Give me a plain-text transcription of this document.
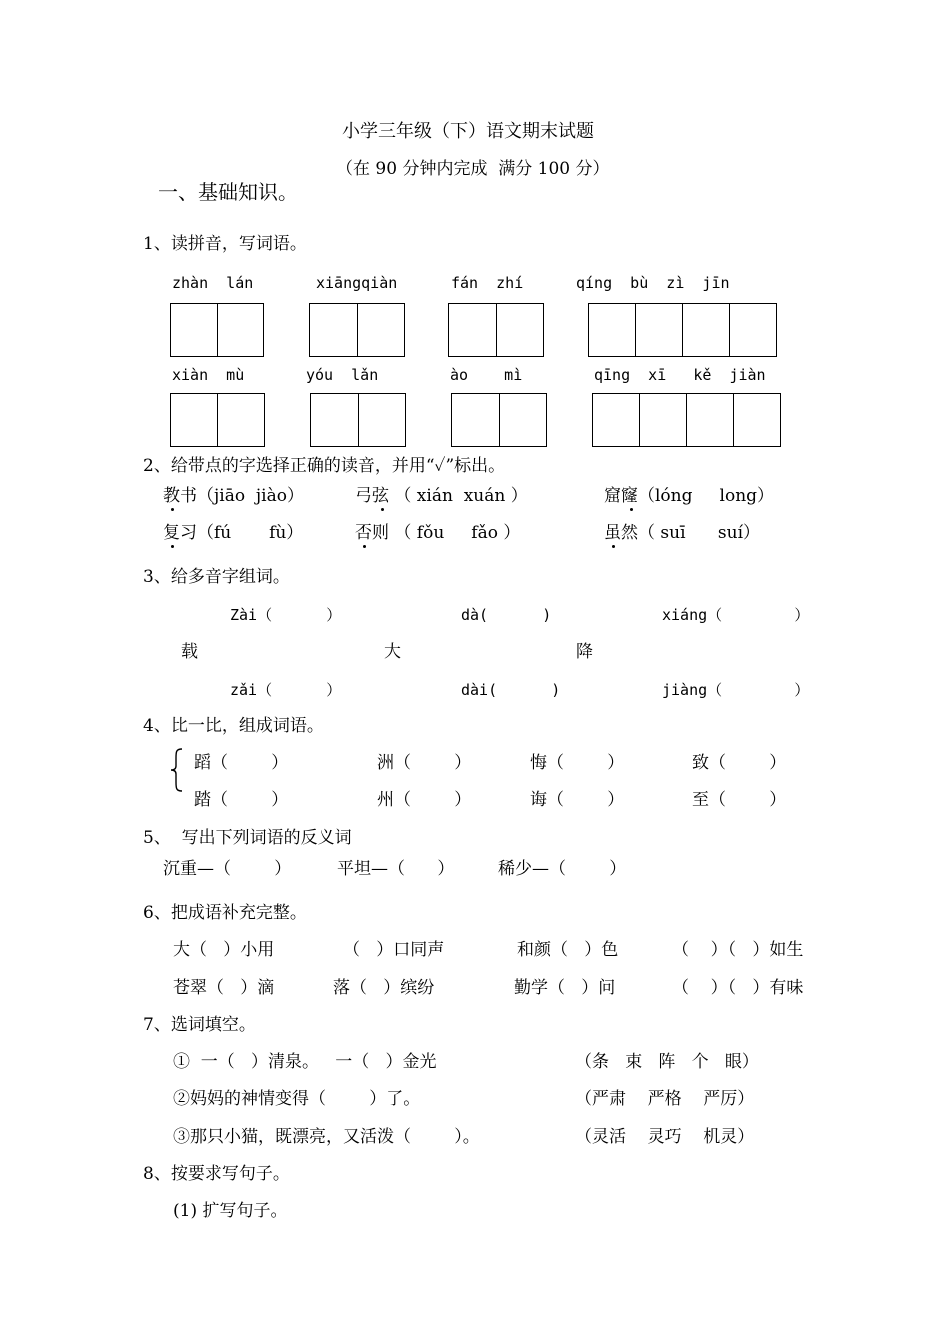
小学三年级（下）语文期末试题
（在 90 分钟内完成  满分 100 分）
一、基础知识。
1、读拼音，写词语。
zhàn  lán	xiāngqiàn	fán  zhí	qíng  bù  zì  jīn
xiàn  mù	yóu  lǎn	ào    mì	qīng  xī   kě  jiàn
2、给带点的字选择正确的读音，并用“✓”标出。
教书（jiāo  jiào）	弓弦 （ xián  xuán ）	窟窿（lóng     long）
复习（fú       fù）	否则 （ fǒu     fǎo ）	虽然（ suī      suí）
3、给多音字组词。
Zài（      ）	dà(      )	xiáng（        ）
载	大	降
zǎi（      ）	dài(      )	jiàng（        ）
4、比一比，组成词语。
蹈（        ）	洲（        ）	悔（        ）	致（        ）
踏（        ）	州（        ）	诲（        ）	至（        ）
5、  写出下列词语的反义词
沉重—（        ）	平坦—（      ）	稀少—（        ）
6、把成语补充完整。
大（   ）小用	（   ）口同声	和颜（   ）色	（    ）（   ）如生
苍翠（   ）滴	落（   ）缤纷	勤学（   ）问	（    ）（   ）有味
7、选词填空。
①  一（   ）清泉。   一（   ）金光	（条   束   阵   个   眼）
②妈妈的神情变得（        ）了。	（严肃    严格    严厉）
③那只小猫，既漂亮，又活泼（        ）。	（灵活    灵巧    机灵）
8、按要求写句子。
(1) 扩写句子。
